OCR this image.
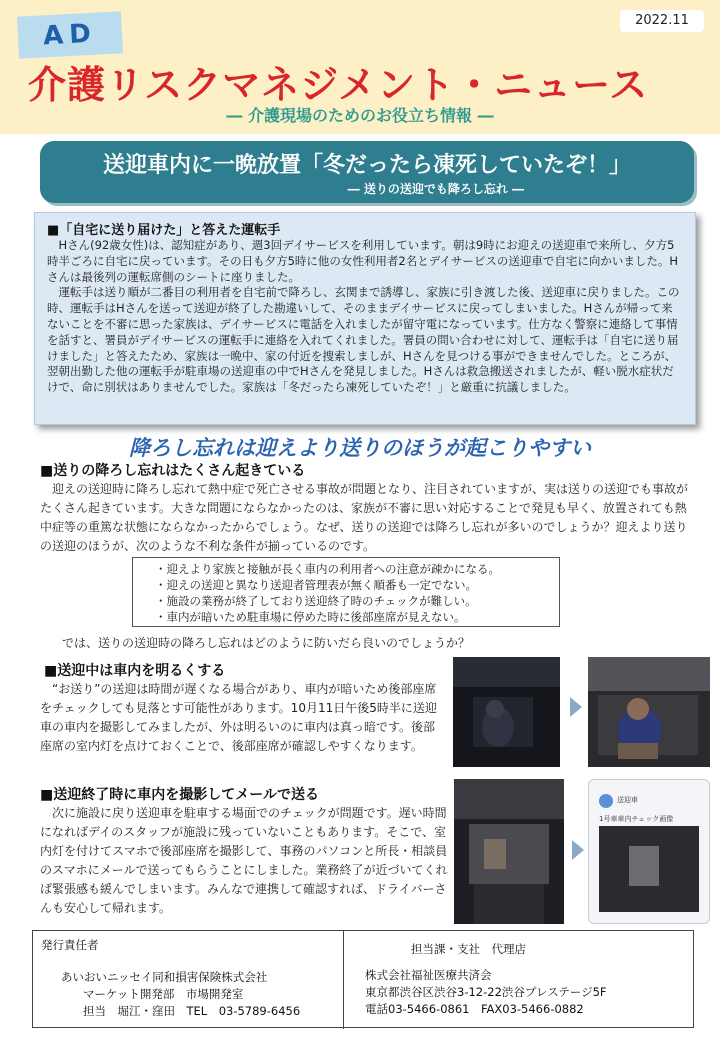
AD	2022.11
介護リスクマネジメント・ニュース
― 介護現場のためのお役立ち情報 ―
送迎車内に一晩放置「冬だったら凍死していたぞ！」
― 送りの送迎でも降ろし忘れ ―
■「自宅に送り届けた」と答えた運転手
Hさん(92歳女性)は、認知症があり、週3回デイサービスを利用しています。朝は9時にお迎えの送迎車で来所し、夕方5時半ごろに自宅に戻っています。その日も夕方5時に他の女性利用者2名とデイサービスの送迎車で自宅に向かいました。Hさんは最後列の運転席側のシートに座りました。
運転手は送り順が二番目の利用者を自宅前で降ろし、玄関まで誘導し、家族に引き渡した後、送迎車に戻りました。この時、運転手はHさんを送って送迎が終了した勘違いして、そのままデイサービスに戻ってしまいました。Hさんが帰って来ないことを不審に思った家族は、デイサービスに電話を入れましたが留守電になっています。仕方なく警察に連絡して事情を話すと、署員がデイサービスの運転手に連絡を入れてくれました。署員の問い合わせに対して、運転手は「自宅に送り届けました」と答えたため、家族は一晩中、家の付近を捜索しましが、Hさんを見つける事ができませんでした。ところが、翌朝出勤した他の運転手が駐車場の送迎車の中でHさんを発見しました。Hさんは救急搬送されましたが、軽い脱水症状だけで、命に別状はありませんでした。家族は「冬だったら凍死していたぞ！」と厳重に抗議しました。
降ろし忘れは迎えより送りのほうが起こりやすい
■送りの降ろし忘れはたくさん起きている
迎えの送迎時に降ろし忘れて熱中症で死亡させる事故が問題となり、注目されていますが、実は送りの送迎でも事故がたくさん起きています。大きな問題にならなかったのは、家族が不審に思い対応することで発見も早く、放置されても熱中症等の重篤な状態にならなかったからでしょう。なぜ、送りの送迎では降ろし忘れが多いのでしょうか？迎えより送りの送迎のほうが、次のような不利な条件が揃っているのです。
・迎えより家族と接触が長く車内の利用者への注意が疎かになる。
・迎えの送迎と異なり送迎者管理表が無く順番も一定でない。
・施設の業務が終了しており送迎終了時のチェックが難しい。
・車内が暗いため駐車場に停めた時に後部座席が見えない。
では、送りの送迎時の降ろし忘れはどのように防いだら良いのでしょうか？
■送迎中は車内を明るくする
“お送り”の送迎は時間が遅くなる場合があり、車内が暗いため後部座席をチェックしても見落とす可能性があります。10月11日午後5時半に送迎車の車内を撮影してみましたが、外は明るいのに車内は真っ暗です。後部座席の室内灯を点けておくことで、後部座席が確認しやすくなります。
■送迎終了時に車内を撮影してメールで送る
次に施設に戻り送迎車を駐車する場面でのチェックが問題です。遅い時間になればデイのスタッフが施設に残っていないこともあります。そこで、室内灯を付けてスマホで後部座席を撮影して、事務のパソコンと所長・相談員のスマホにメールで送ってもらうことにしました。業務終了が近づいてくれば緊張感も緩んでしまいます。みんなで連携して確認すれば、ドライバーさんも安心して帰れます。
送迎車
1号車車内チェック画像
発行責任者
あいおいニッセイ同和損害保険株式会社
マーケット開発部　市場開発室
担当　堀江・窪田　TEL　03-5789-6456
担当課・支社　代理店
株式会社福祉医療共済会
東京都渋谷区渋谷3-12-22渋谷プレステージ5F
電話03-5466-0861　FAX03-5466-0882
